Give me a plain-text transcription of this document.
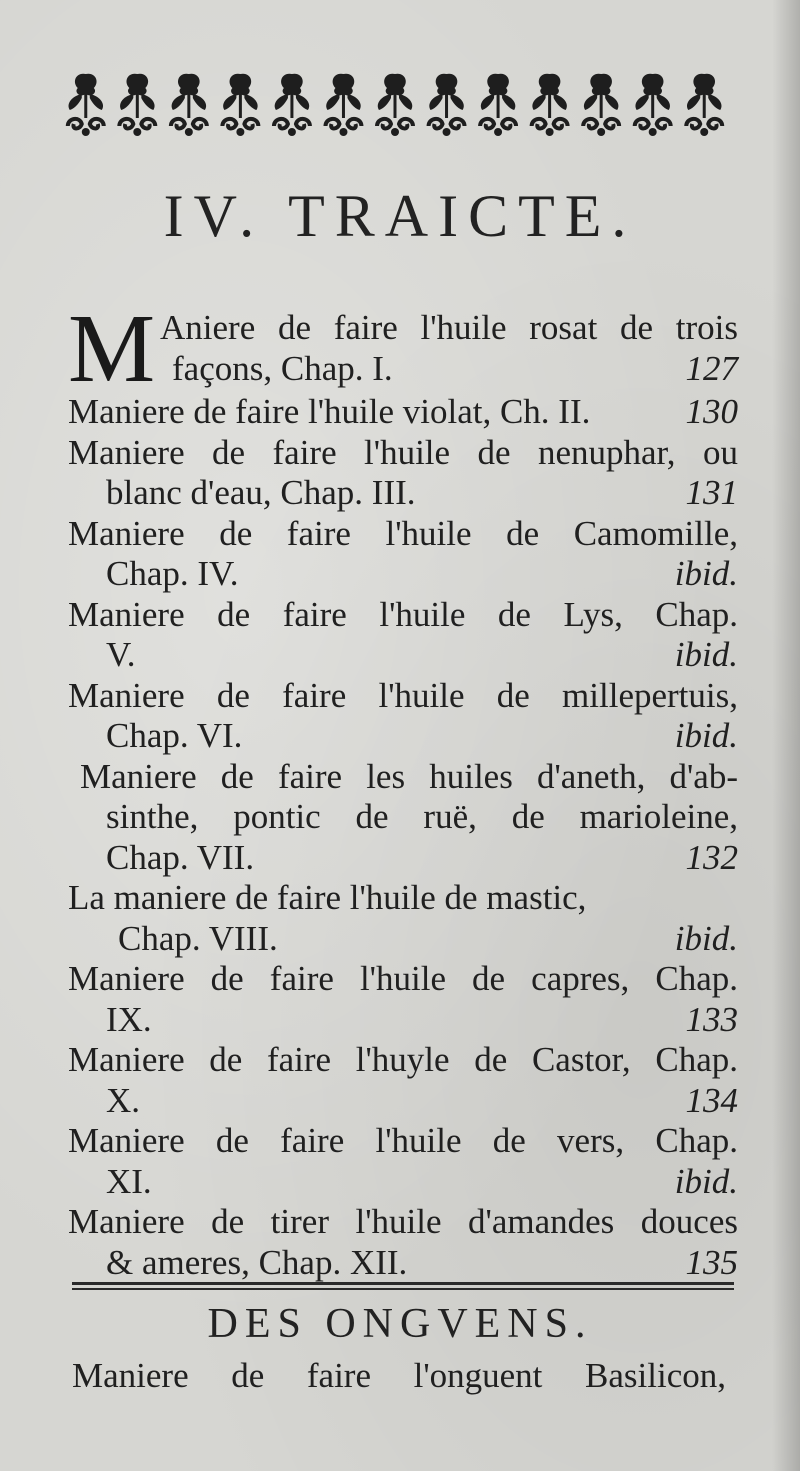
IV. TRAICTE.
M Aniere de faire l'huile rosat de trois
façons, Chap. I.	127
Maniere de faire l'huile violat, Ch. II.	130
Maniere de faire l'huile de nenuphar, ou
blanc d'eau, Chap. III.	131
Maniere de faire l'huile de Camomille,
Chap. IV.	ibid.
Maniere de faire l'huile de Lys, Chap.
V.	ibid.
Maniere de faire l'huile de millepertuis,
Chap. VI.	ibid.
Maniere de faire les huiles d'aneth, d'ab-
sinthe, pontic de ruë, de marioleine,
Chap. VII.	132
La maniere de faire l'huile de mastic,
Chap. VIII.	ibid.
Maniere de faire l'huile de capres, Chap.
IX.	133
Maniere de faire l'huyle de Castor, Chap.
X.	134
Maniere de faire l'huile de vers, Chap.
XI.	ibid.
Maniere de tirer l'huile d'amandes douces
& ameres, Chap. XII.	135
DES ONGVENS.
Maniere de faire l'onguent Basilicon,
